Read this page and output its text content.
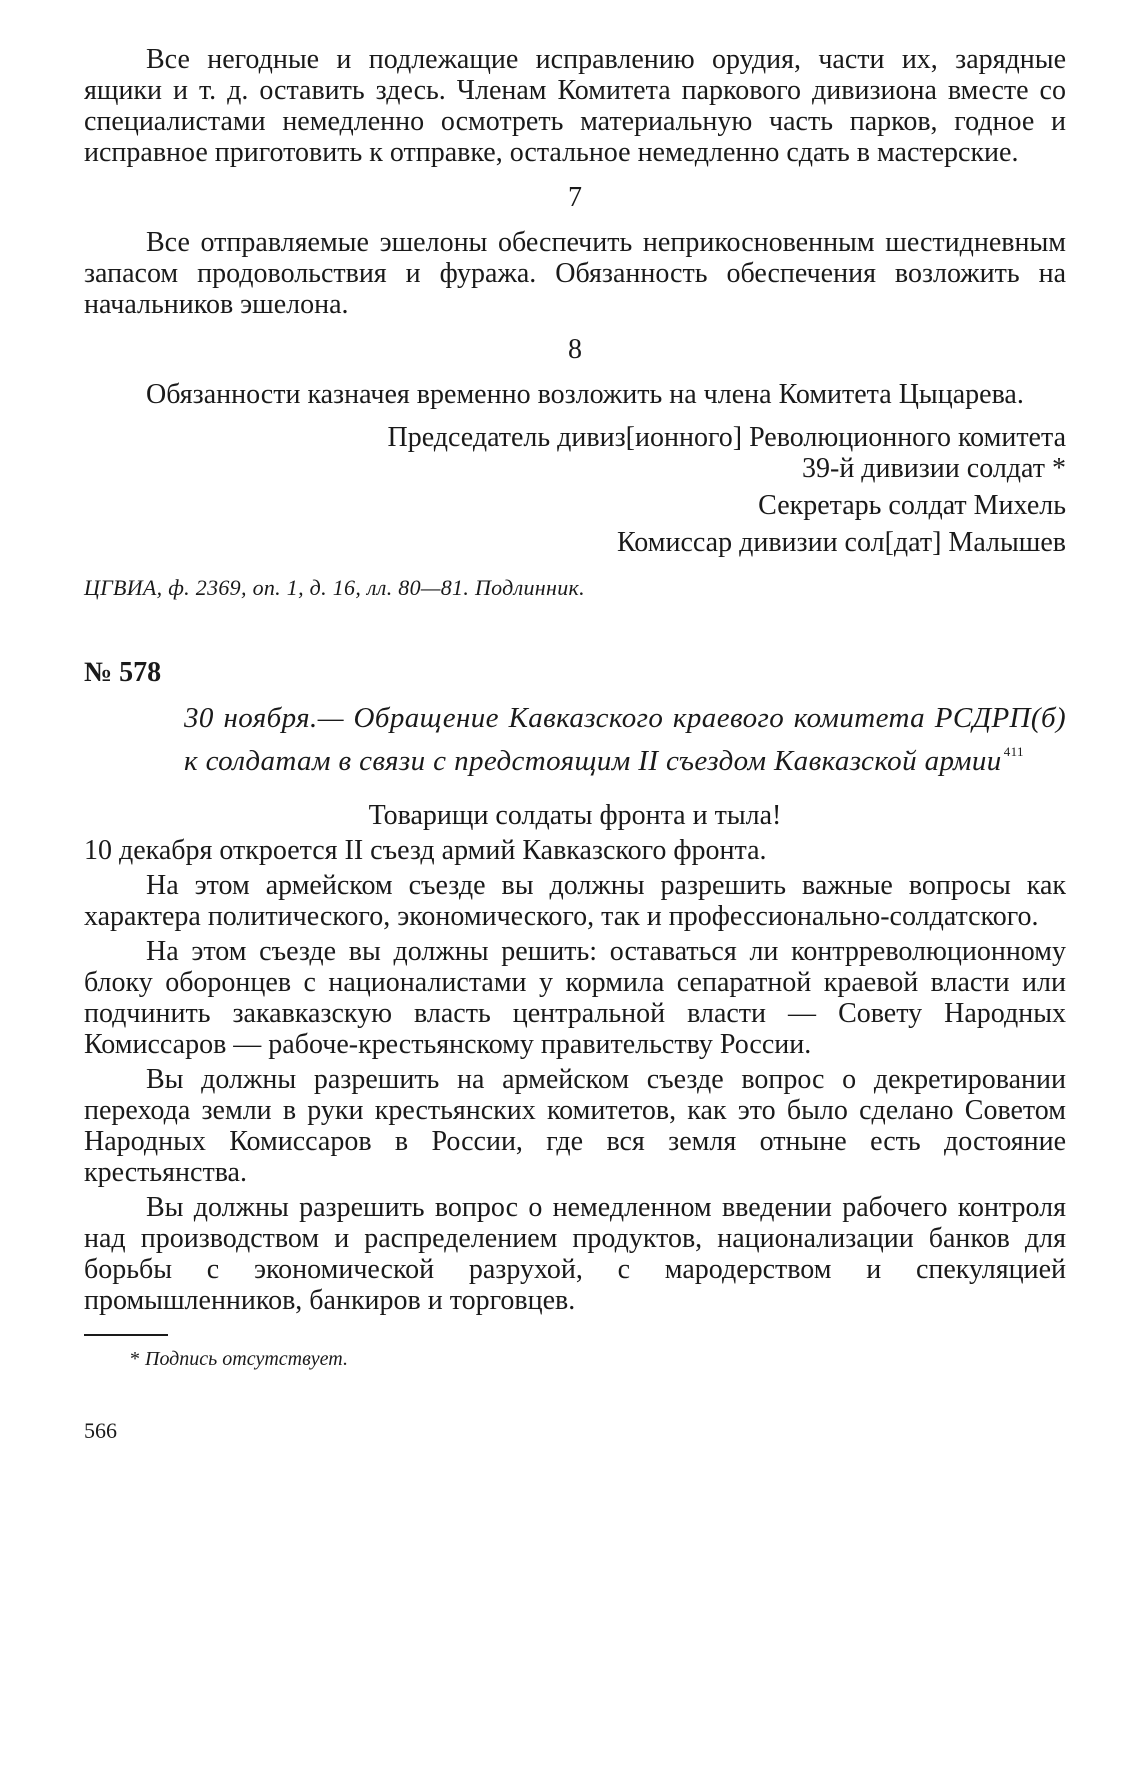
Все негодные и подлежащие исправлению орудия, части их, зарядные ящики и т. д. оставить здесь. Членам Комитета паркового дивизиона вместе со специалистами немедленно осмотреть материальную часть парков, годное и исправное приготовить к отправке, остальное немедленно сдать в мастерские.

7

Все отправляемые эшелоны обеспечить неприкосновенным шестидневным запасом продовольствия и фуража. Обязанность обеспечения возложить на начальников эшелона.

8

Обязанности казначея временно возложить на члена Комитета Цыцарева.

Председатель дивиз[ионного] Революционного комитета

39-й дивизии солдат *

Секретарь солдат Михель

Комиссар дивизии сол[дат] Малышев

ЦГВИА, ф. 2369, оп. 1, д. 16, лл. 80—81. Подлинник.
№ 578
30 ноября.— Обращение Кавказского краевого комитета РСДРП(б) к солдатам в связи с предстоящим II съездом Кавказской армии $^{411}$
Товарищи солдаты фронта и тыла!

10 декабря откроется II съезд армий Кавказского фронта.

На этом армейском съезде вы должны разрешить важные вопросы как характера политического, экономического, так и профессионально-солдатского.

На этом съезде вы должны решить: оставаться ли контрреволюционному блоку оборонцев с националистами у кормила сепаратной краевой власти или подчинить закавказскую власть центральной власти — Совету Народных Комиссаров — рабоче-крестьянскому правительству России.

Вы должны разрешить на армейском съезде вопрос о декретировании перехода земли в руки крестьянских комитетов, как это было сделано Советом Народных Комиссаров в России, где вся земля отныне есть достояние крестьянства.

Вы должны разрешить вопрос о немедленном введении рабочего контроля над производством и распределением продуктов, национализации банков для борьбы с экономической разрухой, с мародерством и спекуляцией промышленников, банкиров и торговцев.

* Подпись отсутствует.
566
